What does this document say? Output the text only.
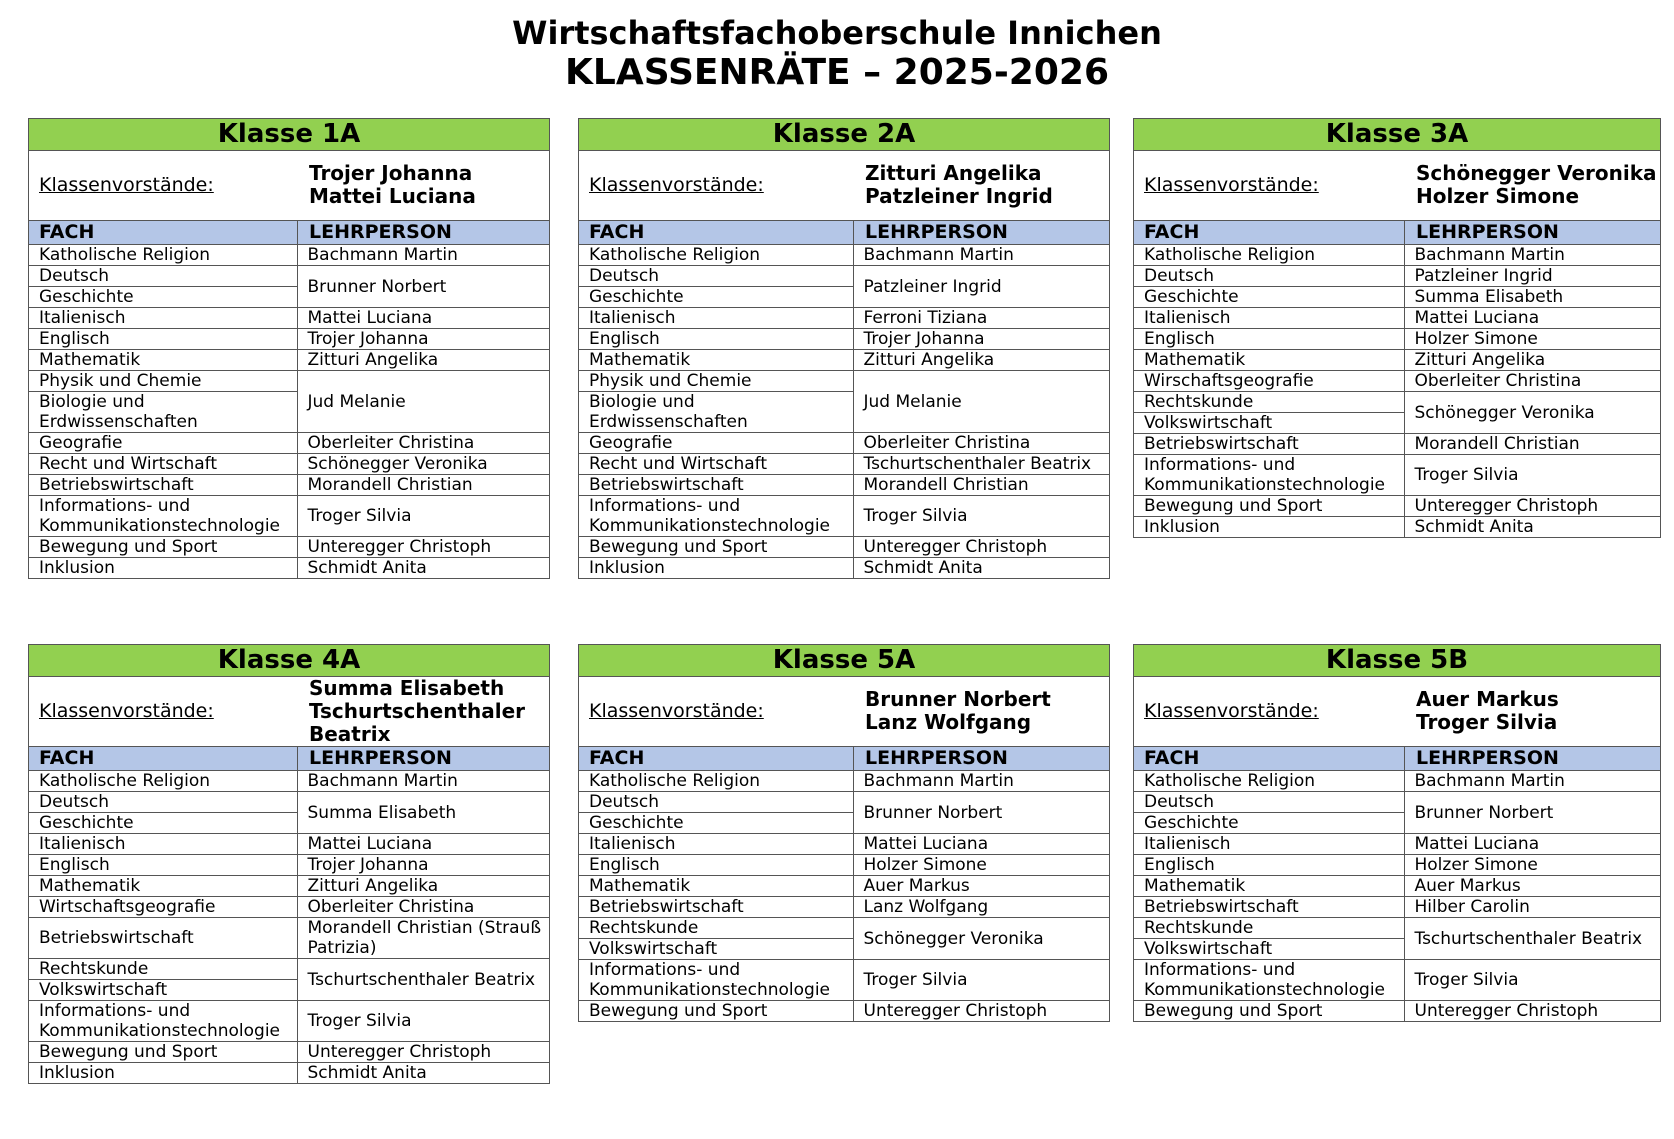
Wirtschaftsfachoberschule Innichen
KLASSENRÄTE – 2025-2026
Klasse 1A
Klassenvorstände:	Trojer Johanna
Mattei Luciana
FACH	LEHRPERSON
Katholische Religion	Bachmann Martin
Deutsch	Brunner Norbert
Geschichte	
Italienisch	Mattei Luciana
Englisch	Trojer Johanna
Mathematik	Zitturi Angelika
Physik und Chemie	Jud Melanie
Biologie und Erdwissenschaften	
Geografie	Oberleiter Christina
Recht und Wirtschaft	Schönegger Veronika
Betriebswirtschaft	Morandell Christian
Informations- und Kommunikationstechnologie	Troger Silvia
Bewegung und Sport	Unteregger Christoph
Inklusion	Schmidt Anita
Klasse 2A
Klassenvorstände:	Zitturi Angelika
Patzleiner Ingrid
FACH	LEHRPERSON
Katholische Religion	Bachmann Martin
Deutsch	Patzleiner Ingrid
Geschichte	
Italienisch	Ferroni Tiziana
Englisch	Trojer Johanna
Mathematik	Zitturi Angelika
Physik und Chemie	Jud Melanie
Biologie und Erdwissenschaften	
Geografie	Oberleiter Christina
Recht und Wirtschaft	Tschurtschenthaler Beatrix
Betriebswirtschaft	Morandell Christian
Informations- und Kommunikationstechnologie	Troger Silvia
Bewegung und Sport	Unteregger Christoph
Inklusion	Schmidt Anita
Klasse 3A
Klassenvorstände:	Schönegger Veronika
Holzer Simone
FACH	LEHRPERSON
Katholische Religion	Bachmann Martin
Deutsch	Patzleiner Ingrid
Geschichte	Summa Elisabeth
Italienisch	Mattei Luciana
Englisch	Holzer Simone
Mathematik	Zitturi Angelika
Wirschaftsgeografie	Oberleiter Christina
Rechtskunde	Schönegger Veronika
Volkswirtschaft	
Betriebswirtschaft	Morandell Christian
Informations- und Kommunikationstechnologie	Troger Silvia
Bewegung und Sport	Unteregger Christoph
Inklusion	Schmidt Anita
Klasse 4A
Klassenvorstände:
Summa Elisabeth
Tschurtschenthaler Beatrix
FACH	LEHRPERSON
Katholische Religion	Bachmann Martin
Deutsch	Summa Elisabeth
Geschichte	
Italienisch	Mattei Luciana
Englisch	Trojer Johanna
Mathematik	Zitturi Angelika
Wirtschaftsgeografie	Oberleiter Christina
Betriebswirtschaft	Morandell Christian (Strauß Patrizia)
Rechtskunde	Tschurtschenthaler Beatrix
Volkswirtschaft	
Informations- und Kommunikationstechnologie	Troger Silvia
Bewegung und Sport	Unteregger Christoph
Inklusion	Schmidt Anita
Klasse 5A
Klassenvorstände:	Brunner Norbert
Lanz Wolfgang
FACH	LEHRPERSON
Katholische Religion	Bachmann Martin
Deutsch	Brunner Norbert
Geschichte	
Italienisch	Mattei Luciana
Englisch	Holzer Simone
Mathematik	Auer Markus
Betriebswirtschaft	Lanz Wolfgang
Rechtskunde	Schönegger Veronika
Volkswirtschaft	
Informations- und Kommunikationstechnologie	Troger Silvia
Bewegung und Sport	Unteregger Christoph
Klasse 5B
Klassenvorstände:	Auer Markus
Troger Silvia
FACH	LEHRPERSON
Katholische Religion	Bachmann Martin
Deutsch	Brunner Norbert
Geschichte	
Italienisch	Mattei Luciana
Englisch	Holzer Simone
Mathematik	Auer Markus
Betriebswirtschaft	Hilber Carolin
Rechtskunde	Tschurtschenthaler Beatrix
Volkswirtschaft	
Informations- und Kommunikationstechnologie	Troger Silvia
Bewegung und Sport	Unteregger Christoph
